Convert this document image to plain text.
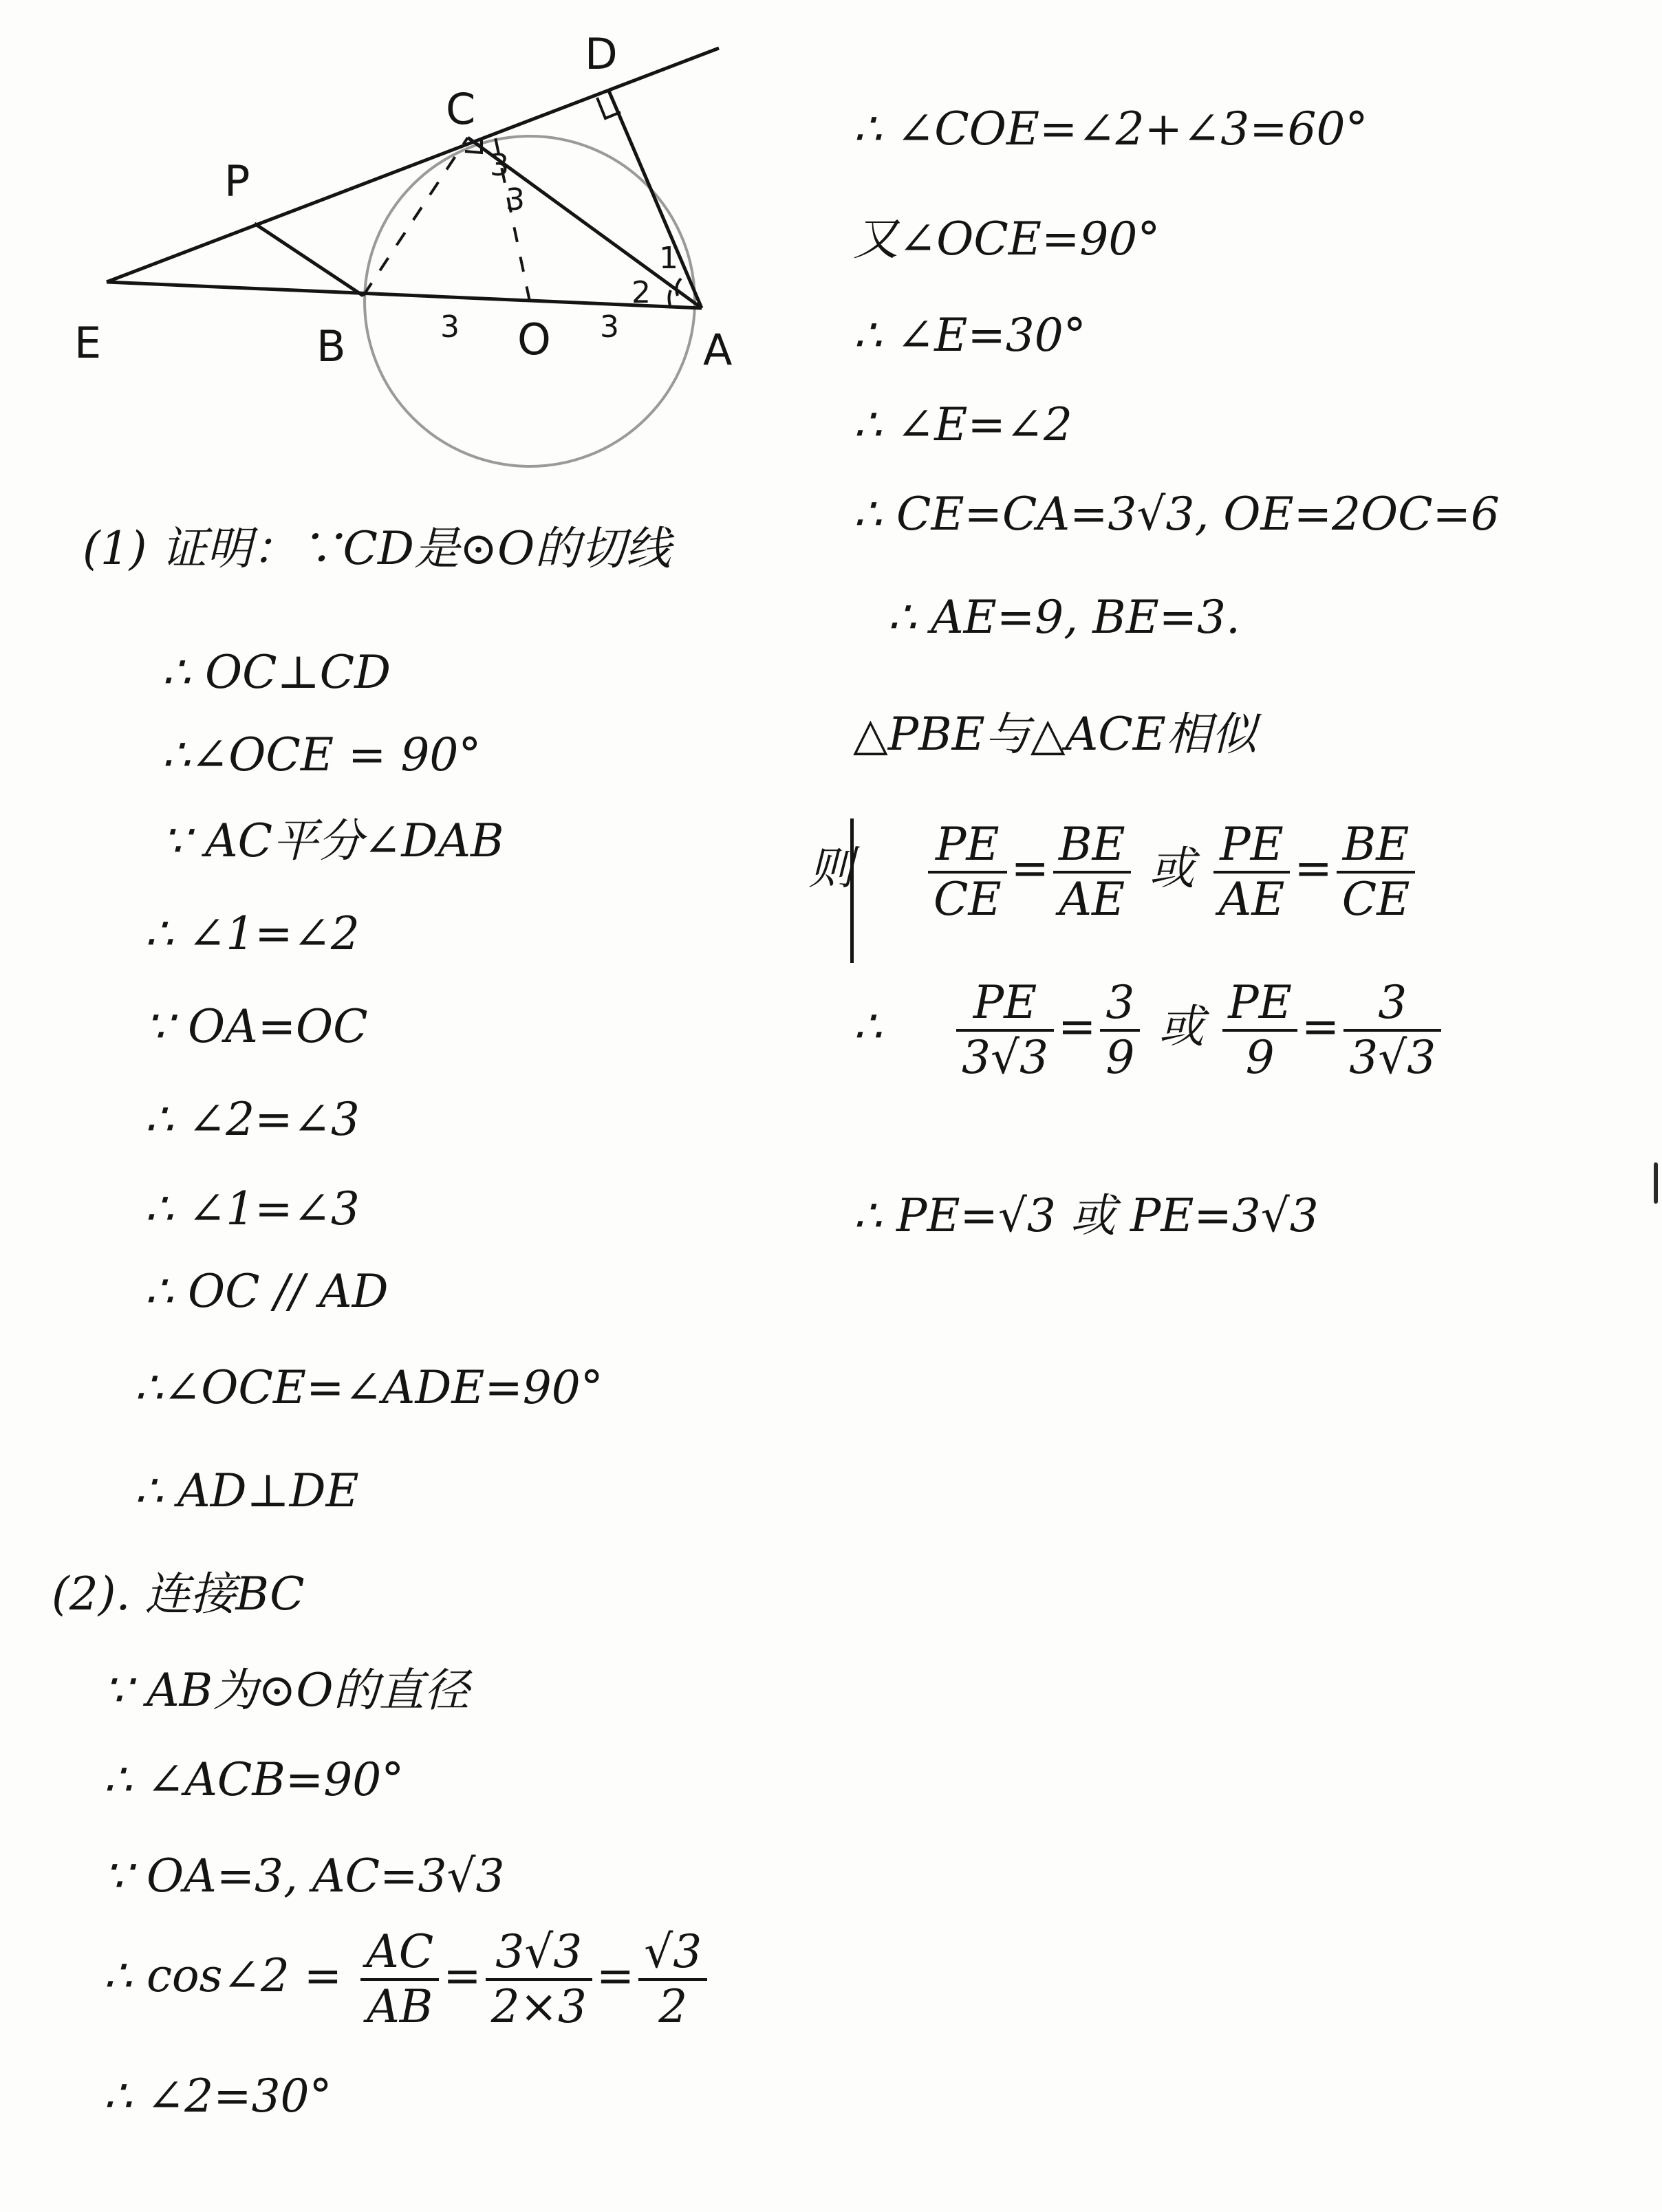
E	B	O	A
C
D
P
3	3
3
1
2
3
(1) 证明：∵CD是⊙O的切线
∴ OC⊥CD
∴∠OCE = 90°
∵ AC平分∠DAB
∴ ∠1=∠2
∵ OA=OC
∴ ∠2=∠3
∴ ∠1=∠3
∴ OC // AD
∴∠OCE=∠ADE=90°
∴ AD⊥DE
(2). 连接BC
∵ AB为⊙O的直径
∴ ∠ACB=90°
∵ OA=3, AC=3√3
∴ cos∠2 = $\frac{AC}{AB} = \frac{3√3}{2\times 3} = \frac{√3}{2}$
∴ ∠2=30°
∴ ∠COE=∠2+∠3=60°
又∠OCE=90°
∴ ∠E=30°
∴ ∠E=∠2
∴ CE=CA=3√3, OE=2OC=6
∴ AE=9, BE=3.
△PBE与△ACE相似
则 $\frac{PE}{CE} = \frac{BE}{AE}$ 或 $\frac{PE}{AE} = \frac{BE}{CE}$
∴ $\frac{PE}{3√3} = \frac{3}{9}$ 或 $\frac{PE}{9} = \frac{3}{3√3}$
∴ PE=√3 或 PE=3√3
